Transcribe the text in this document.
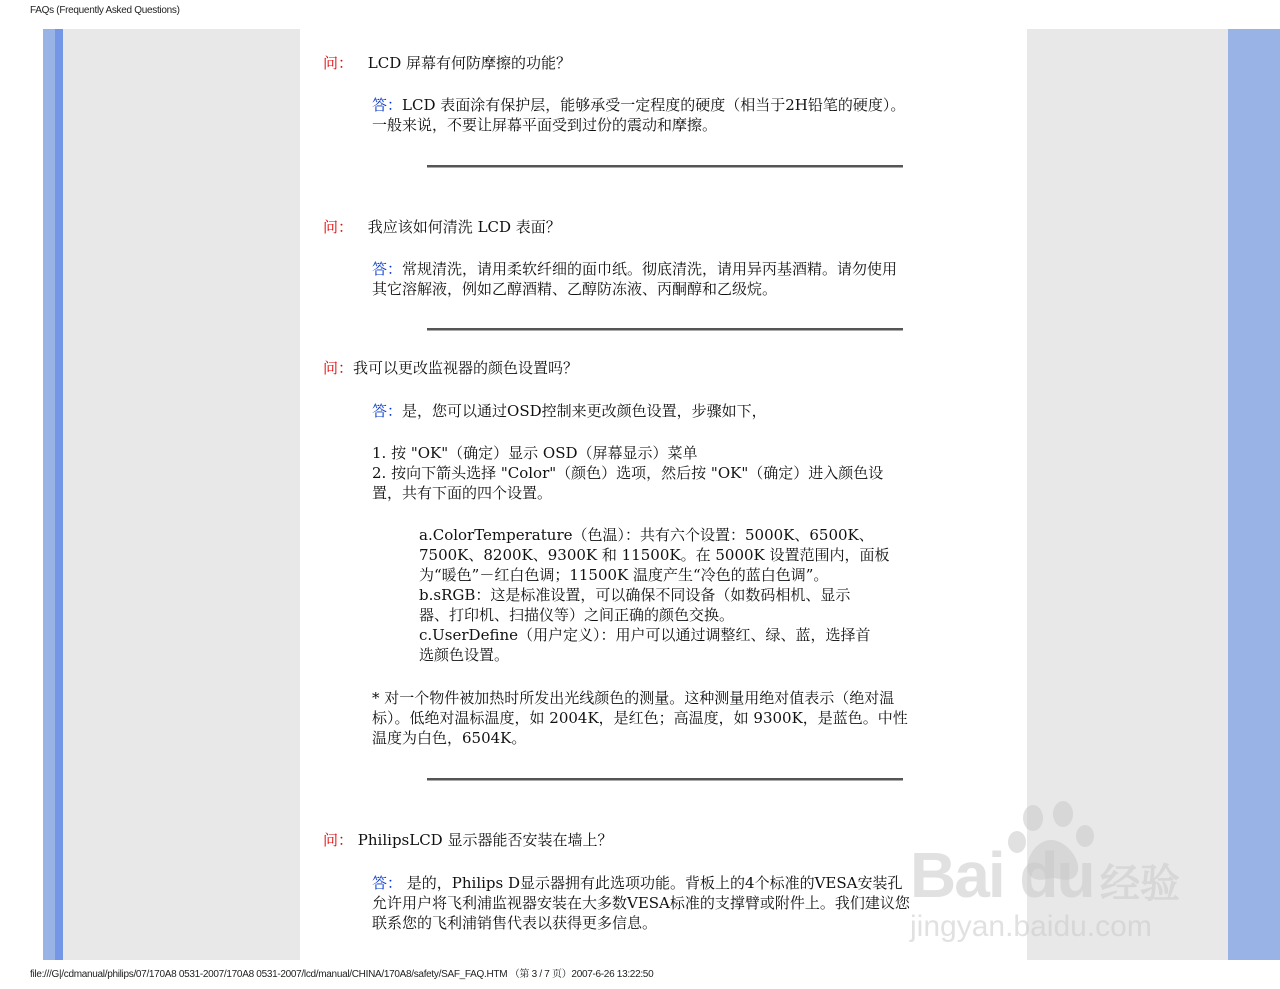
FAQs (Frequently Asked Questions)
问： LCD 屏幕有何防摩擦的功能？

答：LCD 表面涂有保护层，能够承受一定程度的硬度（相当于2H铅笔的硬度）。

一般来说，不要让屏幕平面受到过份的震动和摩擦。

问： 我应该如何清洗 LCD 表面？

答：常规清洗，请用柔软纤细的面巾纸。彻底清洗，请用异丙基酒精。请勿使用

其它溶解液，例如乙醇酒精、乙醇防冻液、丙酮醇和乙级烷。

问：我可以更改监视器的颜色设置吗？

答：是，您可以通过OSD控制来更改颜色设置，步骤如下，

1. 按 "OK"（确定）显示 OSD（屏幕显示）菜单

2. 按向下箭头选择 "Color"（颜色）选项，然后按 "OK"（确定）进入颜色设

置，共有下面的四个设置。

a.ColorTemperature（色温）：共有六个设置：5000K、6500K、

7500K、8200K、9300K 和 11500K。在 5000K 设置范围内，面板

为“暖色”－红白色调；11500K 温度产生“冷色的蓝白色调”。

b.sRGB：这是标准设置，可以确保不同设备（如数码相机、显示

器、打印机、扫描仪等）之间正确的颜色交换。

c.UserDefine（用户定义）：用户可以通过调整红、绿、蓝，选择首

选颜色设置。

* 对一个物件被加热时所发出光线颜色的测量。这种测量用绝对值表示（绝对温

标）。低绝对温标温度，如 2004K，是红色；高温度，如 9300K，是蓝色。中性

温度为白色，6504K。

问： PhilipsLCD 显示器能否安装在墙上？

答： 是的，Philips D显示器拥有此选项功能。背板上的4个标准的VESA安装孔

允许用户将飞利浦监视器安装在大多数VESA标准的支撑臂或附件上。我们建议您

联系您的飞利浦销售代表以获得更多信息。

Bai du 经验
jingyan.baidu.com
file:///G|/cdmanual/philips/07/170A8 0531-2007/170A8 0531-2007/lcd/manual/CHINA/170A8/safety/SAF_FAQ.HTM （第 3 / 7 页）2007-6-26 13:22:50
